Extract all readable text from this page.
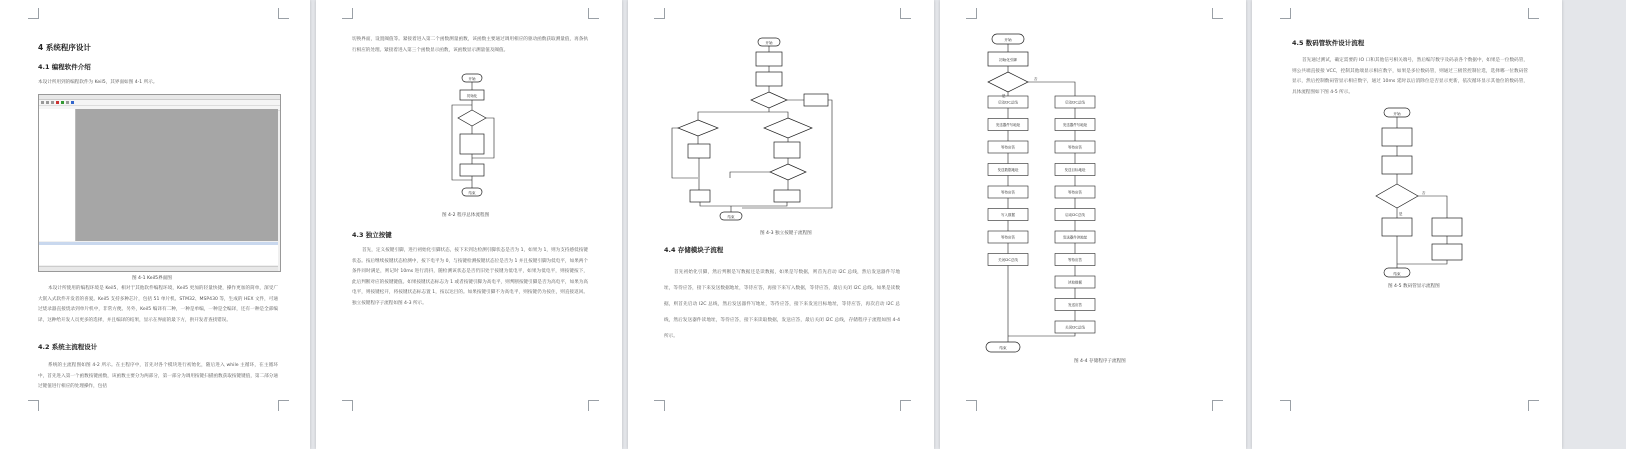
4 系统程序设计
4.1 编程软件介绍
本设计所用到的编程软件为 Keil5，其界面如图 4-1 所示。
图 4-1 Keil5界面图
本设计所使用的编程环境是 Keil5，相对于其他软件编程环境，Keil5 更加的轻量快捷，操作更加的简单，深受广大嵌入式软件开发者的喜爱。Keil5 支持多种芯片，包括 51 单片机、STM32、MSP430 等，生成的 HEX 文件，可通过烧录器直接烧录到单片机中，非常方便。另外，Keil5 编译有二种，一种是单编，一种是全编译，还有一种是全部编译，这种给开发人员更多的选择，并且编译的结果，显示在界面的最下方，供开发者查找错误。
4.2 系统主流程设计
系统的主流程图如图 4-2 所示。在主程序中，首先对各个模块进行初始化，随后进入 while 主循环，在主循环中，首先进入第一个函数按键函数，该函数主要分为两部分，第一部分为调用按键扫描函数获取按键键值，第二部分通过键值进行相应的处理操作，包括
切换界面，设置阈值等。紧接着进入第二个函数测量函数，该函数主要通过调用相应的驱动函数获取测量值，再条执行相应的处理。紧接着进入第三个函数显示函数，该函数显示测量值及阈值。
开始
初始化
结束
图 4-2 程序总体流程图
4.3 独立按键
首先，定义按键引脚，进行初始化引脚状态，按下未到达检测引脚状态是否为 1，如果为 1，则为支持感低按键状态。按后继续按键状态检测中，按下电平为 0，与按键检测按键状态位是否为 1 并且按键引脚为低电平，如果两个条件同时满足，则记时 10ms 进行消抖，随检测该状态是否仍旧处于按键为低电平，如果为低电平，则按键按下，此后判断对应的按键键值。如果按键状态标志为 1 或者按键引脚为高电平，则判断按键引脚是否为高电平，如果为高电平，则按键松开，将按键状态标志置 1，按以达目的。如果按键引脚不为高电平，则按键仍为按住，则直接返回。独立按键程序子流程如图 4-3 所示。
开始
结束
图 4-3 独立按键子流程图
4.4 存储模块子流程
首先初始化引脚，然后判断是写数据还是读数据，如果是写数据，则首先启动 I2C 总线，然后发送器件写地址，等待应答，接下来发送数据地址，等待应答，再接下来写入数据，等待应答，最后关闭 I2C 总线。如果是读数据，则首先启动 I2C 总线，然后发送器件写地址，等待应答，接下来发送目标地址，等待应答，再次启动 I2C 总线，然后发送器件读地址，等待应答，接下来读取数据，发送应答，最后关闭 I2C 总线，存储程序子流程如图 4-4 所示。
启动I2C总线
发送器件写地址
等待应答
发送数据地址
等待应答
写入数据
等待应答
关闭I2C总线
启动I2C总线
发送器件写地址
等待应答
发送目标地址
等待应答
启动I2C总线
发送器件读地址
等待应答
读取数据
发送应答
关闭I2C总线
开始
初始化引脚
结束
是
否
图 4-4 存储程序子流程图
4.5 数码管软件设计流程
首先通过测试，确定需要的 IO 口和其他信号相关端号，然后编写数字及码表各个数据中，如果是一位数码管，则公共端直接接 VCC，控制其他端显示相应数字，如果是多位数码管，则通过三极管控制位选，选择哪一位数码管显示，然后控制数码管显示相应数字，通过 10ms 延时以后消除位是否显示更新，依次循环显示其他位的数码管，具体流程图如下图 4-5 所示。
开始
结束
是
否
图 4-5 数码管显示流程图
